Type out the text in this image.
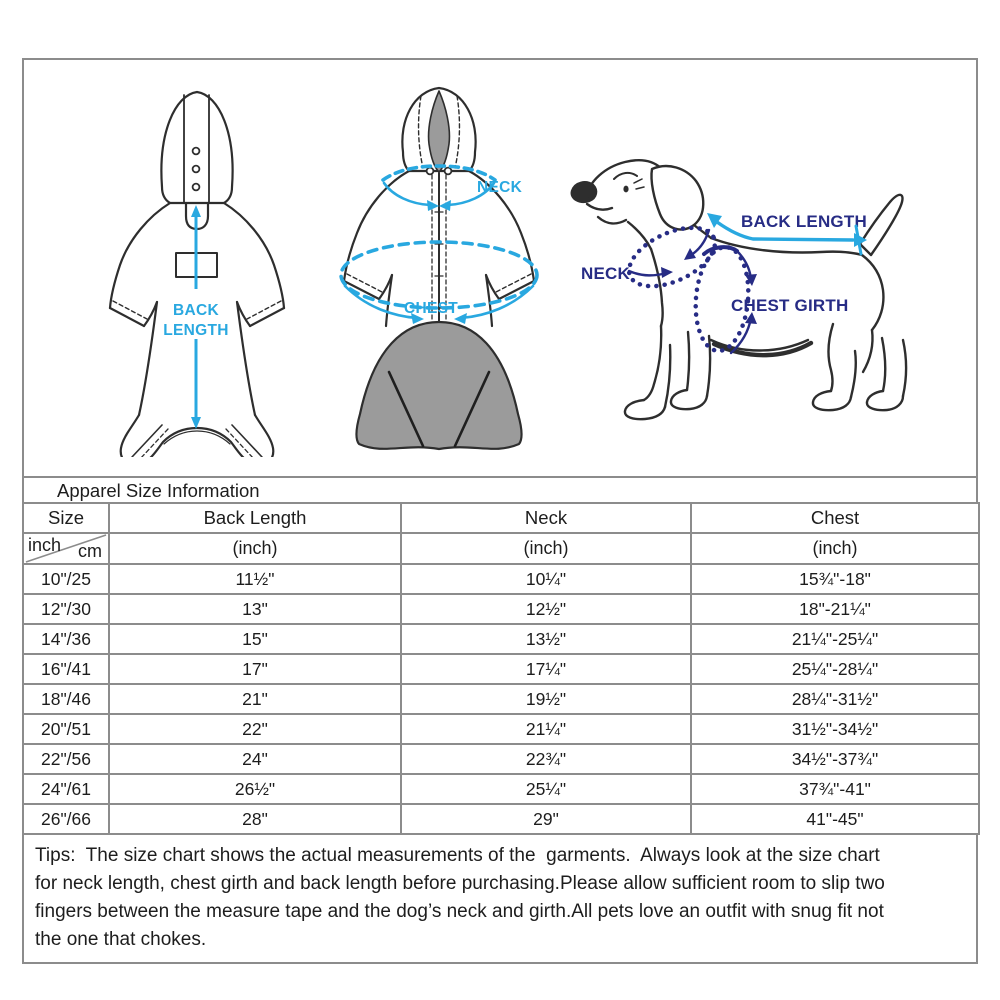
BACK
LENGTH
NECK
CHEST
NECK
CHEST GIRTH
BACK LENGTH
Apparel Size Information
Size	Back Length	Neck	Chest

inch cm	(inch)	(inch)	(inch)
10"/25	11½"	10¼"	15¾"-18"
12"/30	13"	12½"	18"-21¼"
14"/36	15"	13½"	21¼"-25¼"
16"/41	17"	17¼"	25¼"-28¼"
18"/46	21"	19½"	28¼"-31½"
20"/51	22"	21¼"	31½"-34½"
22"/56	24"	22¾"	34½"-37¾"
24"/61	26½"	25¼"	37¾"-41"
26"/66	28"	29"	41"-45"
Tips:  The size chart shows the actual measurements of the  garments.  Always look at the size chart
for neck length, chest girth and back length before purchasing.Please allow sufficient room to slip two
fingers between the measure tape and the dog’s neck and girth.All pets love an outfit with snug fit not
the one that chokes.
